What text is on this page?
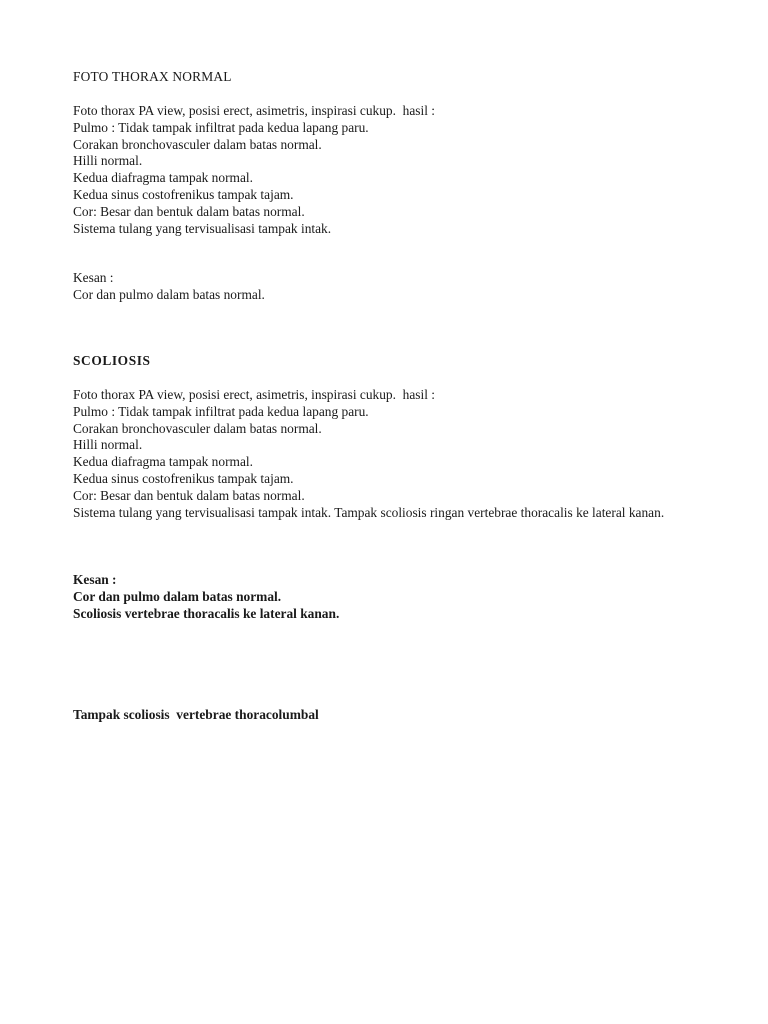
FOTO THORAX NORMAL
Foto thorax PA view, posisi erect, asimetris, inspirasi cukup.  hasil :
Pulmo : Tidak tampak infiltrat pada kedua lapang paru.
Corakan bronchovasculer dalam batas normal.
Hilli normal.
Kedua diafragma tampak normal.
Kedua sinus costofrenikus tampak tajam.
Cor: Besar dan bentuk dalam batas normal.
Sistema tulang yang tervisualisasi tampak intak.
Kesan :
Cor dan pulmo dalam batas normal.
SCOLIOSIS
Foto thorax PA view, posisi erect, asimetris, inspirasi cukup.  hasil :
Pulmo : Tidak tampak infiltrat pada kedua lapang paru.
Corakan bronchovasculer dalam batas normal.
Hilli normal.
Kedua diafragma tampak normal.
Kedua sinus costofrenikus tampak tajam.
Cor: Besar dan bentuk dalam batas normal.
Sistema tulang yang tervisualisasi tampak intak. Tampak scoliosis ringan vertebrae thoracalis ke lateral kanan.
Kesan :
Cor dan pulmo dalam batas normal.
Scoliosis vertebrae thoracalis ke lateral kanan.
Tampak scoliosis  vertebrae thoracolumbal
